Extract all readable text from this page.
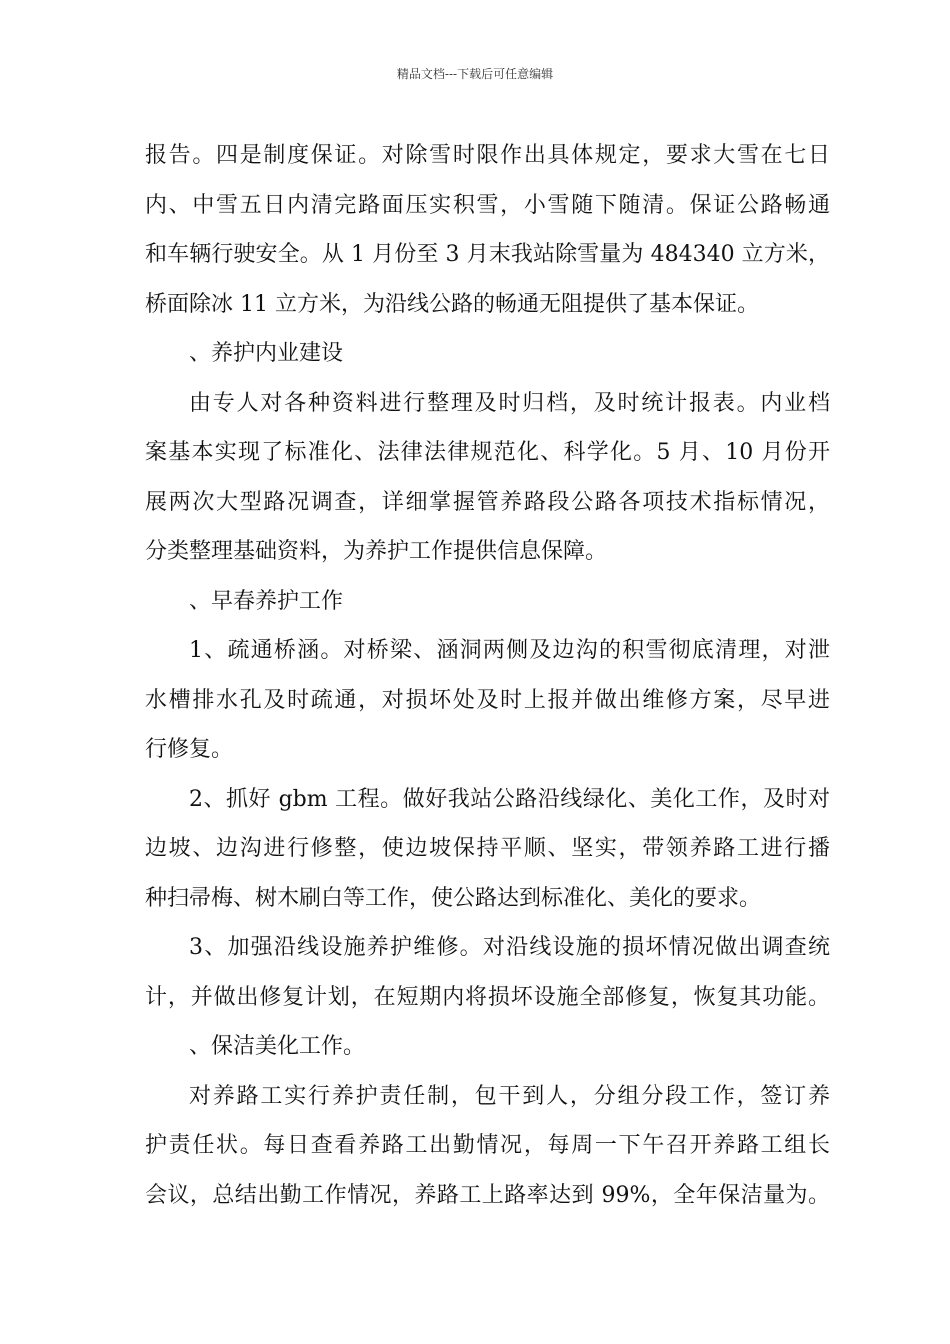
精品文档---下载后可任意编辑
报告。四是制度保证。对除雪时限作出具体规定，要求大雪在七日
内、中雪五日内清完路面压实积雪，小雪随下随清。保证公路畅通
和车辆行驶安全。从 1 月份至 3 月末我站除雪量为 484340 立方米，
桥面除冰 11 立方米，为沿线公路的畅通无阻提供了基本保证。
、养护内业建设
由专人对各种资料进行整理及时归档，及时统计报表。内业档
案基本实现了标准化、法律法律规范化、科学化。5 月、10 月份开
展两次大型路况调查，详细掌握管养路段公路各项技术指标情况，
分类整理基础资料，为养护工作提供信息保障。
、早春养护工作
1、疏通桥涵。对桥梁、涵洞两侧及边沟的积雪彻底清理，对泄
水槽排水孔及时疏通，对损坏处及时上报并做出维修方案，尽早进
行修复。
2、抓好 gbm 工程。做好我站公路沿线绿化、美化工作，及时对
边坡、边沟进行修整，使边坡保持平顺、坚实，带领养路工进行播
种扫帚梅、树木刷白等工作，使公路达到标准化、美化的要求。
3、加强沿线设施养护维修。对沿线设施的损坏情况做出调查统
计，并做出修复计划，在短期内将损坏设施全部修复，恢复其功能。
、保洁美化工作。
对养路工实行养护责任制，包干到人，分组分段工作，签订养
护责任状。每日查看养路工出勤情况，每周一下午召开养路工组长
会议，总结出勤工作情况，养路工上路率达到 99%，全年保洁量为。
